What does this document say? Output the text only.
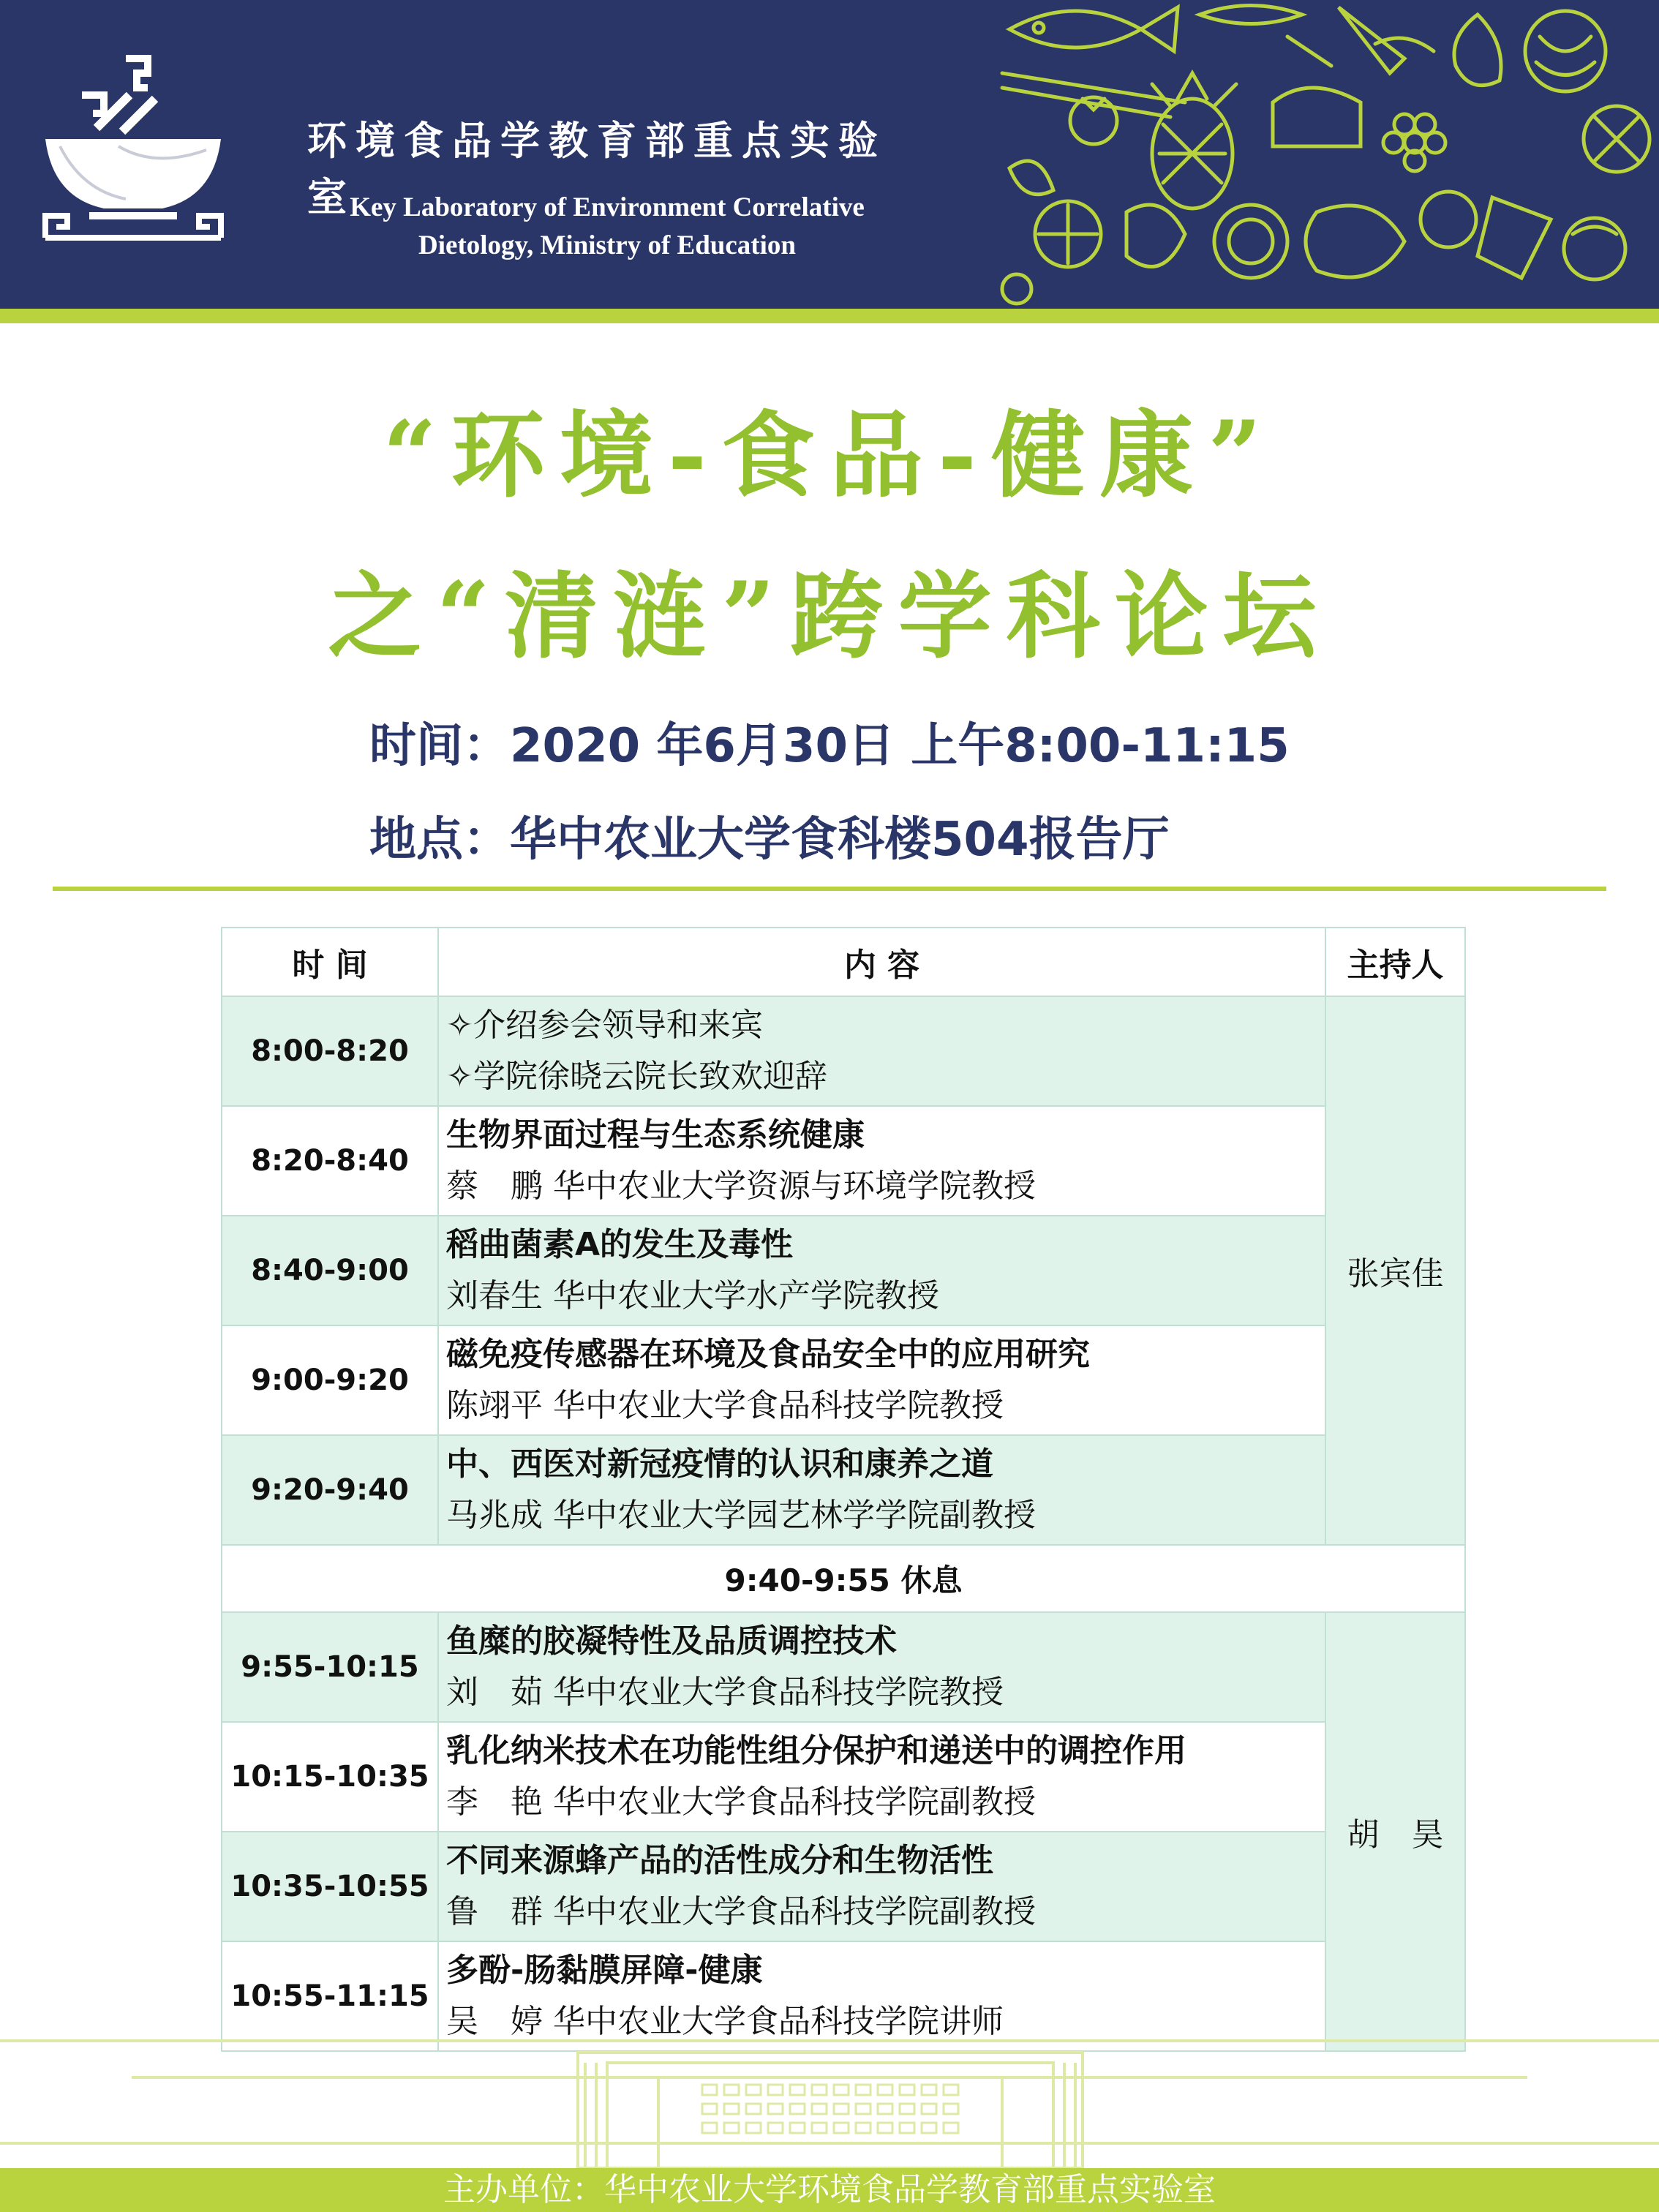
环境食品学教育部重点实验室
Key Laboratory of Environment Correlative
Dietology, Ministry of Education
“环境-食品-健康”
之“清涟”跨学科论坛
时间：2020 年6月30日 上午8:00-11:15
地点：华中农业大学食科楼504报告厅
时 间	内 容	主持人
8:00-8:20	✧介绍参会领导和来宾
✧学院徐晓云院长致欢迎辞	张宾佳
8:20-8:40	生物界面过程与生态系统健康
蔡　鹏 华中农业大学资源与环境学院教授	

8:40-9:00	稻曲菌素A的发生及毒性
刘春生 华中农业大学水产学院教授	

9:00-9:20	磁免疫传感器在环境及食品安全中的应用研究
陈翊平 华中农业大学食品科技学院教授	

9:20-9:40	中、西医对新冠疫情的认识和康养之道
马兆成 华中农业大学园艺林学学院副教授	

9:40-9:55 休息		
9:55-10:15	鱼糜的胶凝特性及品质调控技术
刘　茹 华中农业大学食品科技学院教授	胡　昊
10:15-10:35	乳化纳米技术在功能性组分保护和递送中的调控作用
李　艳 华中农业大学食品科技学院副教授	

10:35-10:55	不同来源蜂产品的活性成分和生物活性
鲁　群 华中农业大学食品科技学院副教授	

10:55-11:15	多酚-肠黏膜屏障-健康
吴　婷 华中农业大学食品科技学院讲师	
主办单位：华中农业大学环境食品学教育部重点实验室
